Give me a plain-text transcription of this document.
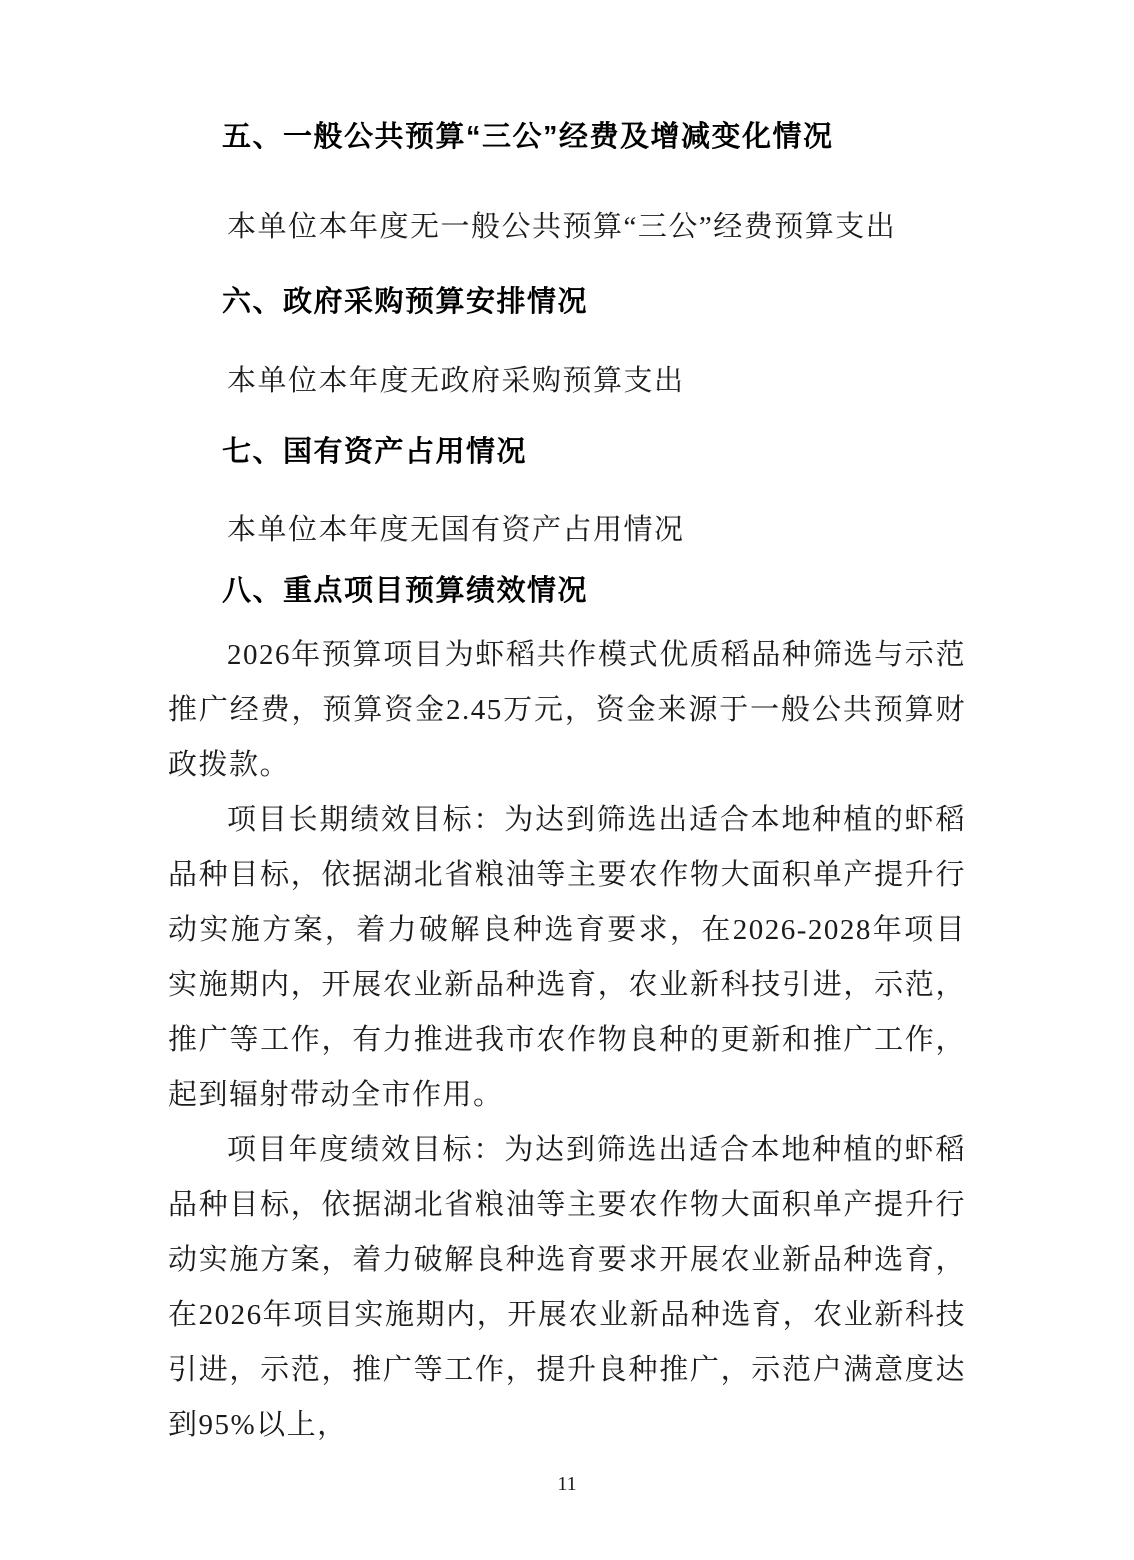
五、一般公共预算“三公”经费及增减变化情况

本单位本年度无一般公共预算“三公”经费预算支出

六、政府采购预算安排情况

本单位本年度无政府采购预算支出

七、国有资产占用情况

本单位本年度无国有资产占用情况

八、重点项目预算绩效情况

2026年预算项目为虾稻共作模式优质稻品种筛选与示范推广经费，预算资金2.45万元，资金来源于一般公共预算财政拨款。

项目长期绩效目标：为达到筛选出适合本地种植的虾稻品种目标，依据湖北省粮油等主要农作物大面积单产提升行动实施方案，着力破解良种选育要求，在2026-2028年项目实施期内，开展农业新品种选育，农业新科技引进，示范，推广等工作，有力推进我市农作物良种的更新和推广工作，起到辐射带动全市作用。

项目年度绩效目标：为达到筛选出适合本地种植的虾稻品种目标，依据湖北省粮油等主要农作物大面积单产提升行动实施方案，着力破解良种选育要求开展农业新品种选育，在2026年项目实施期内，开展农业新品种选育，农业新科技引进，示范，推广等工作，提升良种推广，示范户满意度达到95%以上，

11
